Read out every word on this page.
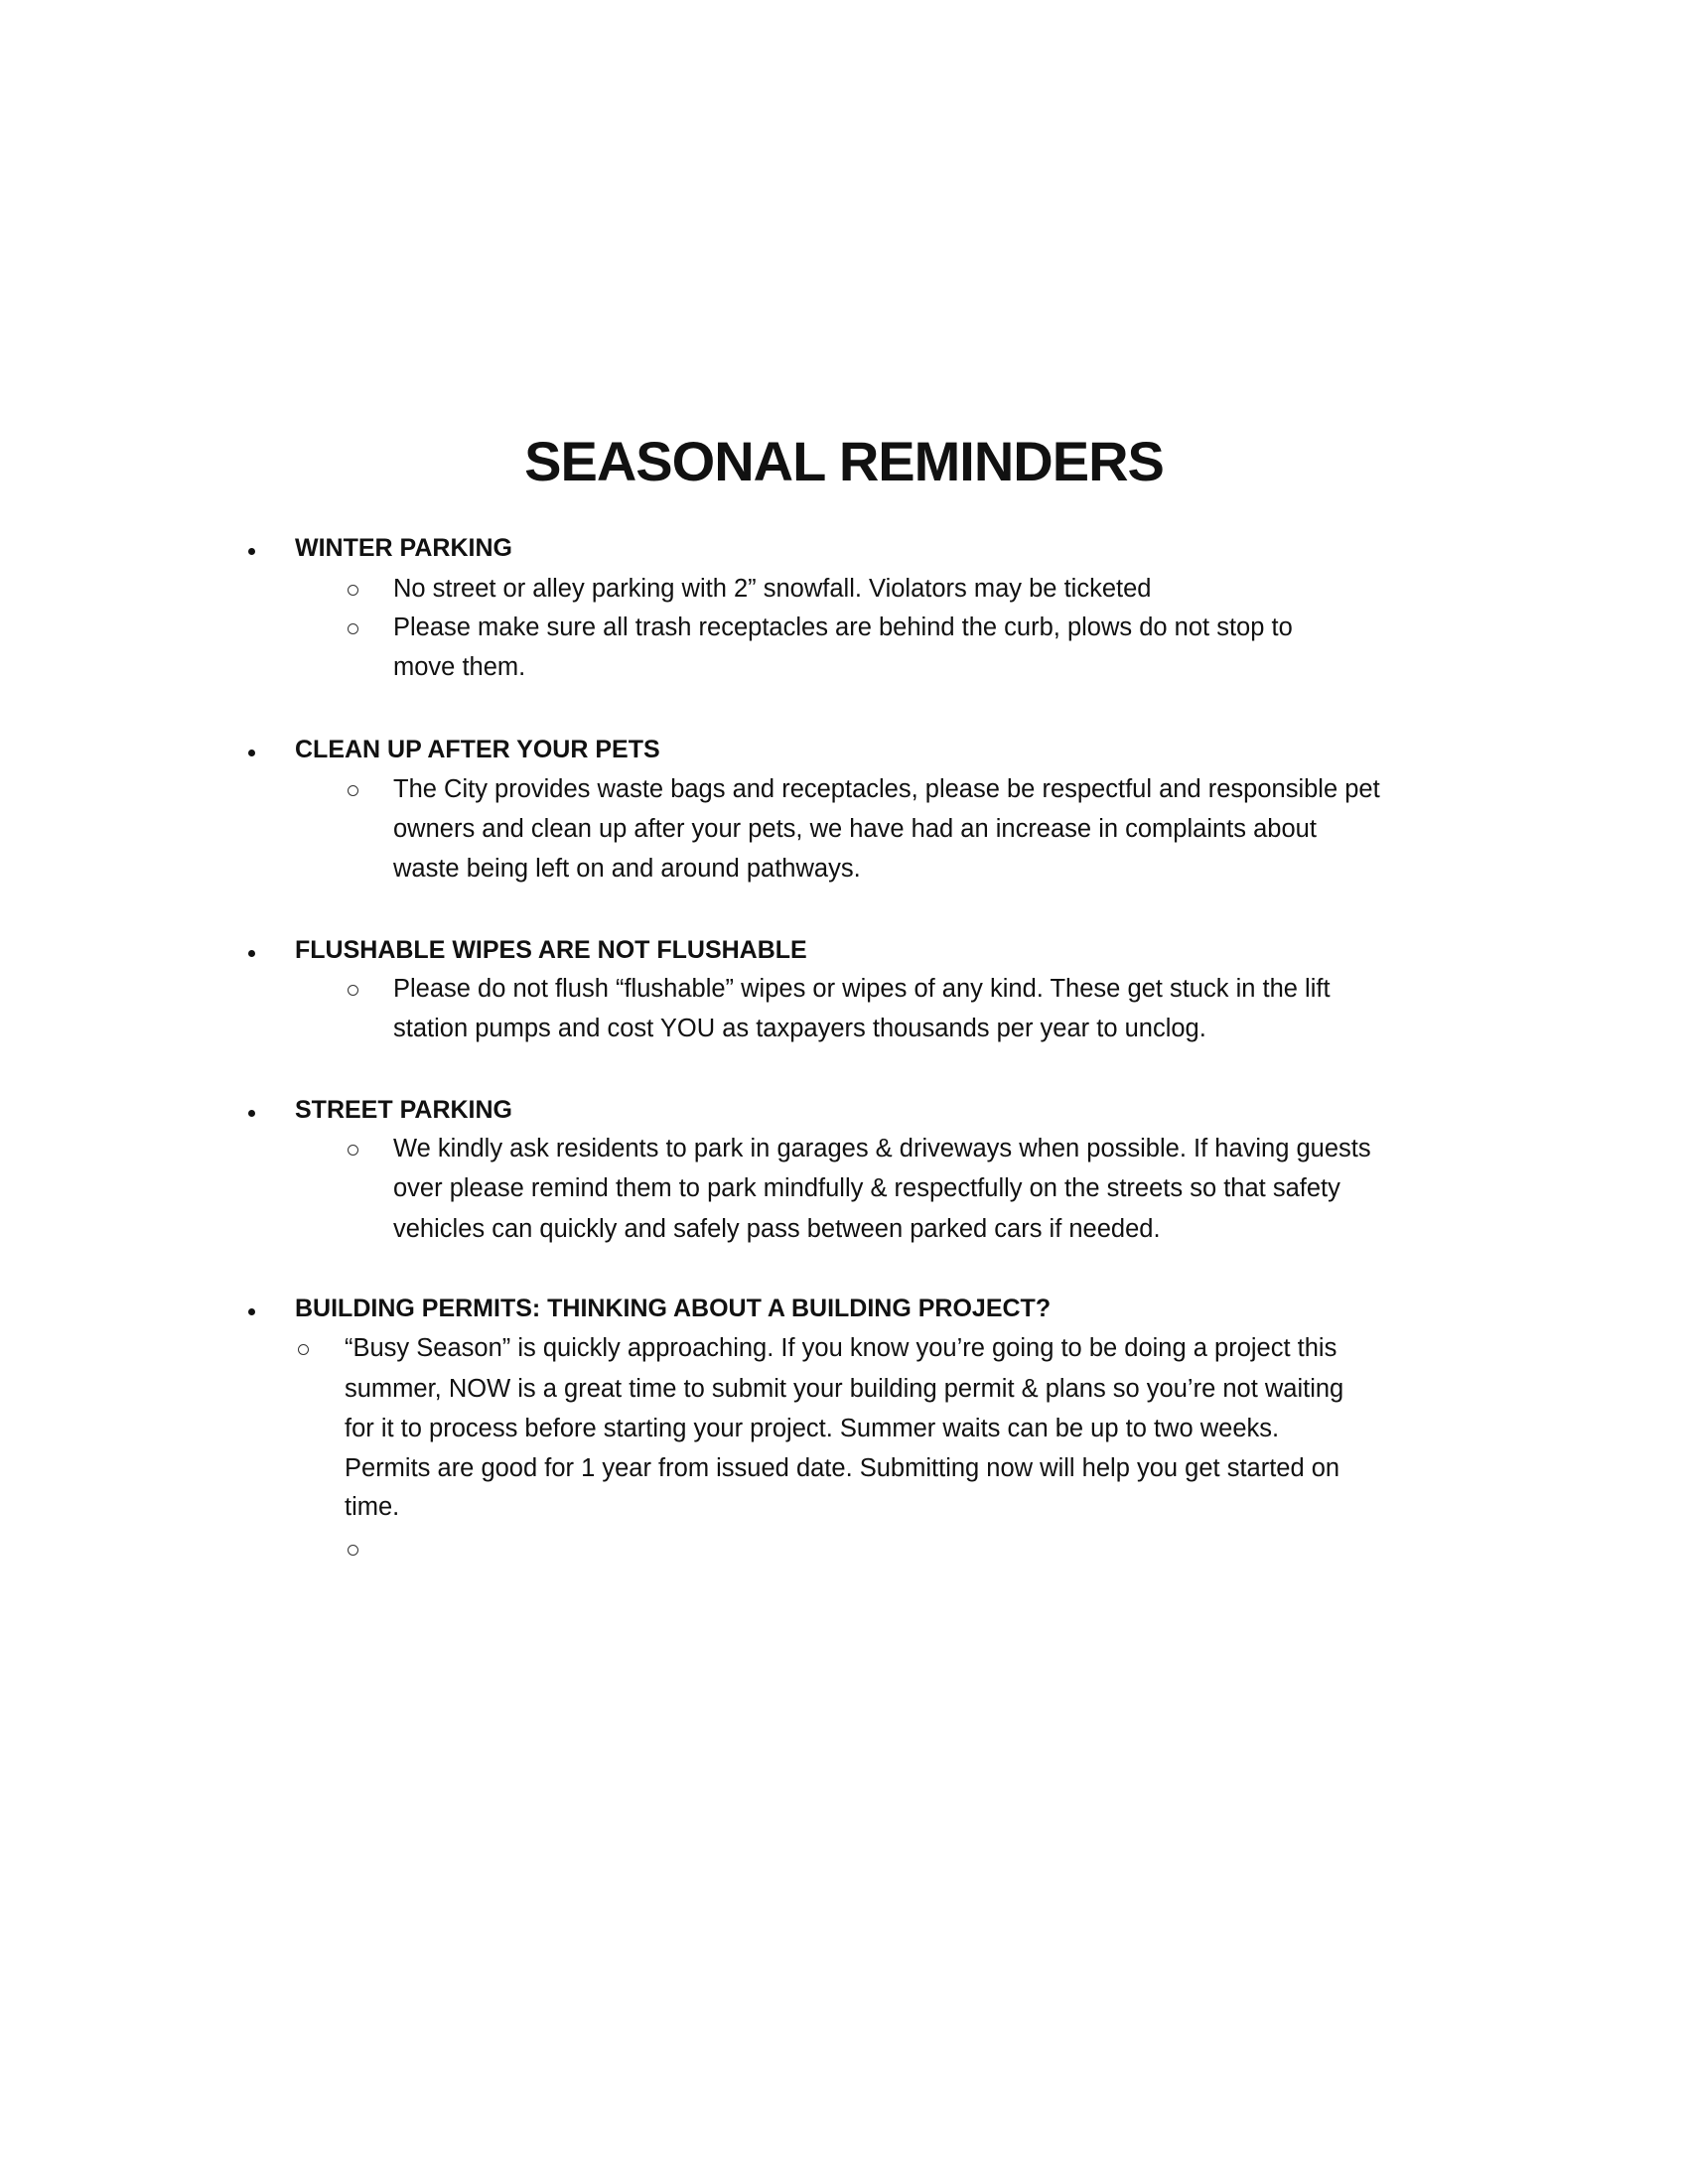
SEASONAL REMINDERS
WINTER PARKING
No street or alley parking with 2” snowfall. Violators may be ticketed
Please make sure all trash receptacles are behind the curb, plows do not stop to
move them.
CLEAN UP AFTER YOUR PETS
The City provides waste bags and receptacles, please be respectful and responsible pet
owners and clean up after your pets, we have had an increase in complaints about
waste being left on and around pathways.
FLUSHABLE WIPES ARE NOT FLUSHABLE
Please do not flush “flushable” wipes or wipes of any kind. These get stuck in the lift
station pumps and cost YOU as taxpayers thousands per year to unclog.
STREET PARKING
We kindly ask residents to park in garages & driveways when possible. If having guests
over please remind them to park mindfully & respectfully on the streets so that safety
vehicles can quickly and safely pass between parked cars if needed.
BUILDING PERMITS: THINKING ABOUT A BUILDING PROJECT?
“Busy Season” is quickly approaching. If you know you’re going to be doing a project this
summer, NOW is a great time to submit your building permit & plans so you’re not waiting
for it to process before starting your project. Summer waits can be up to two weeks.
Permits are good for 1 year from issued date. Submitting now will help you get started on
time.
